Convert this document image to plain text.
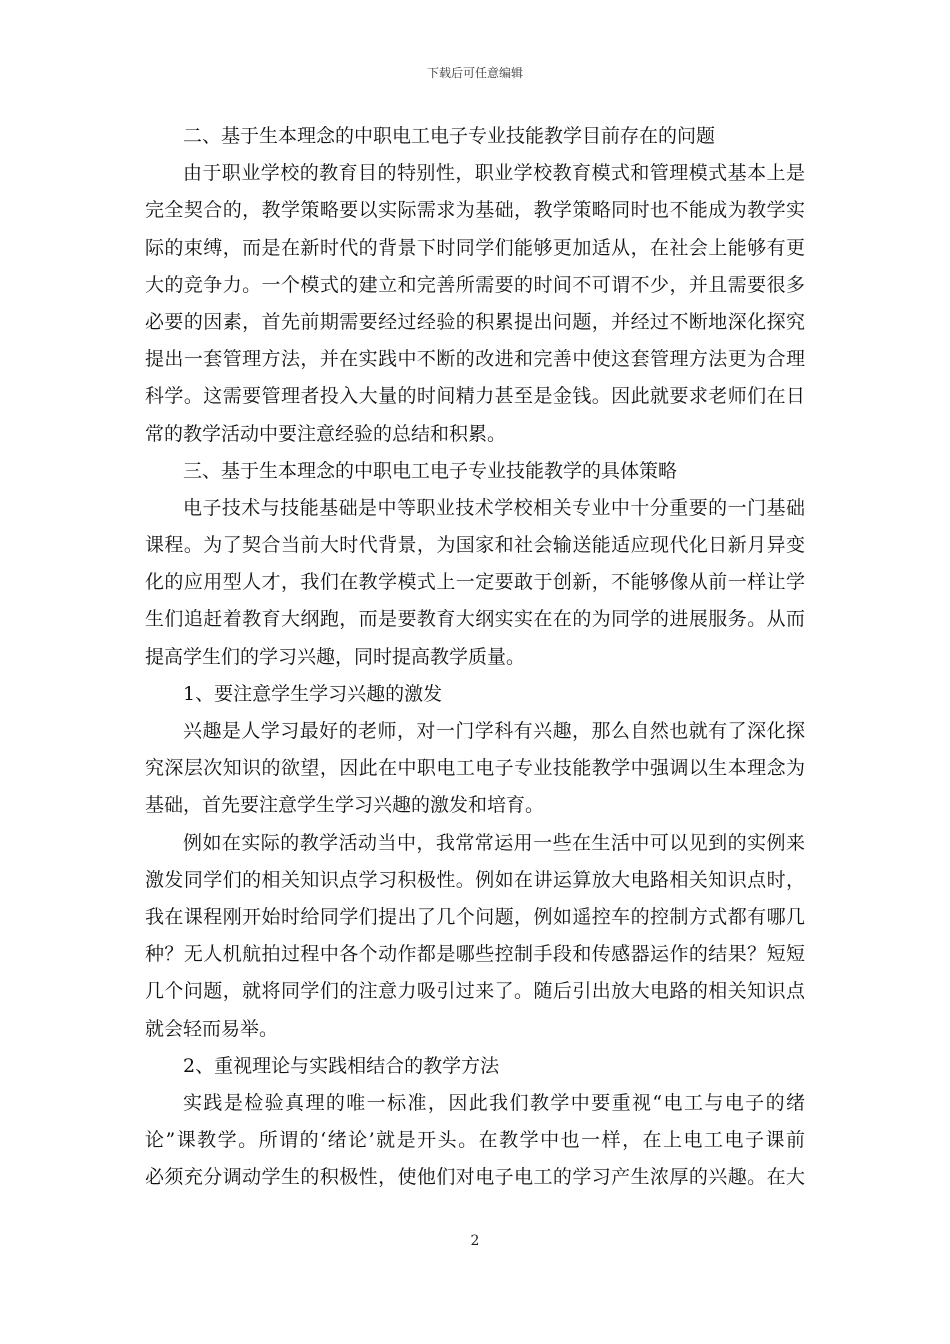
下载后可任意编辑
二、基于生本理念的中职电工电子专业技能教学目前存在的问题
由于职业学校的教育目的特别性，职业学校教育模式和管理模式基本上是
完全契合的，教学策略要以实际需求为基础，教学策略同时也不能成为教学实
际的束缚，而是在新时代的背景下时同学们能够更加适从，在社会上能够有更
大的竞争力。一个模式的建立和完善所需要的时间不可谓不少，并且需要很多
必要的因素，首先前期需要经过经验的积累提出问题，并经过不断地深化探究
提出一套管理方法，并在实践中不断的改进和完善中使这套管理方法更为合理
科学。这需要管理者投入大量的时间精力甚至是金钱。因此就要求老师们在日
常的教学活动中要注意经验的总结和积累。
三、基于生本理念的中职电工电子专业技能教学的具体策略
电子技术与技能基础是中等职业技术学校相关专业中十分重要的一门基础
课程。为了契合当前大时代背景，为国家和社会输送能适应现代化日新月异变
化的应用型人才，我们在教学模式上一定要敢于创新，不能够像从前一样让学
生们追赶着教育大纲跑，而是要教育大纲实实在在的为同学的进展服务。从而
提高学生们的学习兴趣，同时提高教学质量。
1、要注意学生学习兴趣的激发
兴趣是人学习最好的老师，对一门学科有兴趣，那么自然也就有了深化探
究深层次知识的欲望，因此在中职电工电子专业技能教学中强调以生本理念为
基础，首先要注意学生学习兴趣的激发和培育。
例如在实际的教学活动当中，我常常运用一些在生活中可以见到的实例来
激发同学们的相关知识点学习积极性。例如在讲运算放大电路相关知识点时，
我在课程刚开始时给同学们提出了几个问题，例如遥控车的控制方式都有哪几
种？无人机航拍过程中各个动作都是哪些控制手段和传感器运作的结果？短短
几个问题，就将同学们的注意力吸引过来了。随后引出放大电路的相关知识点
就会轻而易举。
2、重视理论与实践相结合的教学方法
实践是检验真理的唯一标准，因此我们教学中要重视“电工与电子的绪
论”课教学。所谓的‘绪论’就是开头。在教学中也一样，在上电工电子课前
必须充分调动学生的积极性，使他们对电子电工的学习产生浓厚的兴趣。在大
2
